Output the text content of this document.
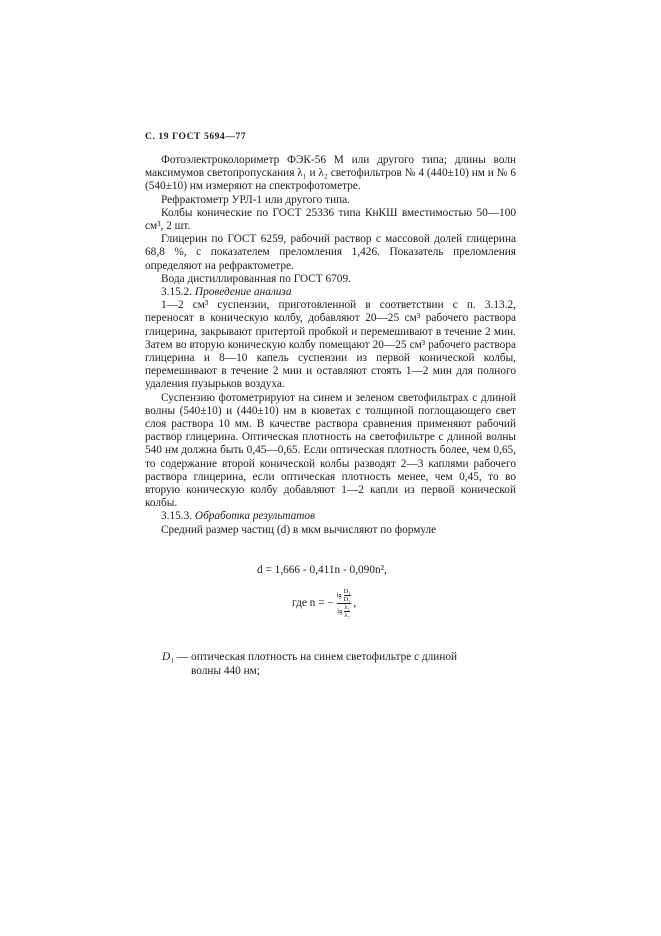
С. 19 ГОСТ 5694—77

Фотоэлектроколориметр ФЭК-56 М или другого типа; длины волн максимумов светопропускания λ₁ и λ₂ светофильтров № 4 (440±10) нм и № 6 (540±10) нм измеряют на спектрофотометре.

Рефрактометр УРЛ-1 или другого типа.

Колбы конические по ГОСТ 25336 типа КнКШ вместимостью 50—100 см³, 2 шт.

Глицерин по ГОСТ 6259, рабочий раствор с массовой долей глицерина 68,8 %, с показателем преломления 1,426. Показатель преломления определяют на рефрактометре.

Вода дистиллированная по ГОСТ 6709.

3.15.2. Проведение анализа

1—2 см³ суспензии, приготовленной в соответствии с п. 3.13.2, переносят в коническую колбу, добавляют 20—25 см³ рабочего раствора глицерина, закрывают притертой пробкой и перемешивают в течение 2 мин. Затем во вторую коническую колбу помещают 20—25 см³ рабочего раствора глицерина и 8—10 капель суспензии из первой конической колбы, перемешивают в течение 2 мин и оставляют стоять 1—2 мин для полного удаления пузырьков воздуха.

Суспензию фотометрируют на синем и зеленом светофильтрах с длиной волны (540±10) и (440±10) нм в кюветах с толщиной поглощающего свет слоя раствора 10 мм. В качестве раствора сравнения применяют рабочий раствор глицерина. Оптическая плотность на светофильтре с длиной волны 540 нм должна быть 0,45—0,65. Если оптическая плотность более, чем 0,65, то содержание второй конической колбы разводят 2—3 каплями рабочего раствора глицерина, если оптическая плотность менее, чем 0,45, то во вторую коническую колбу добавляют 1—2 капли из первой конической колбы.

3.15.3. Обработка результатов

Средний размер частиц (d) в мкм вычисляют по формуле

d = 1,666 - 0,411n - 0,090n²,
где n = − $\frac{\lg \frac{\text{D₁}}{\text{D₂}}}{\lg \frac{\text{λ₁}}{\text{λ₂}}}$ ,
D₁ — оптическая плотность на синем светофильтре с длиной
волны 440 нм;
